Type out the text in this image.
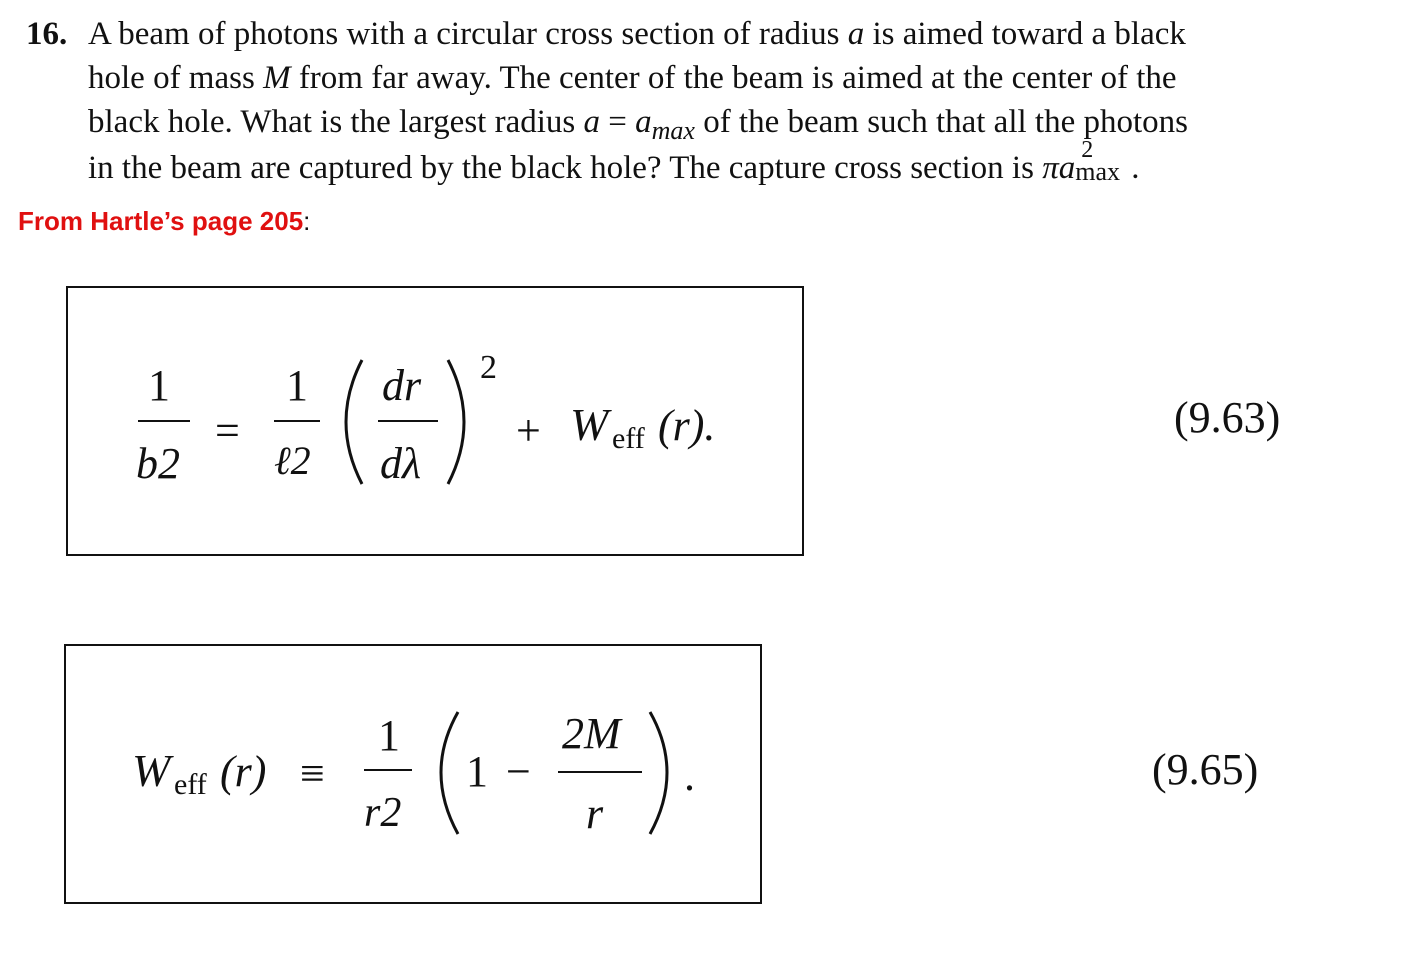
16. A beam of photons with a circular cross section of radius a is aimed toward a black
hole of mass M from far away. The center of the beam is aimed at the center of the
black hole. What is the largest radius $a = a_{max}$ of the beam such that all the photons
in the beam are captured by the black hole? The capture cross section is πa 2
max .
From Hartle’s page 205:
1
b2
=
1
ℓ2
dr
dλ
2
+ W eff (r).	(9.63)
W eff (r) ≡
1
r2
1 −
2M
r
.	(9.65)
